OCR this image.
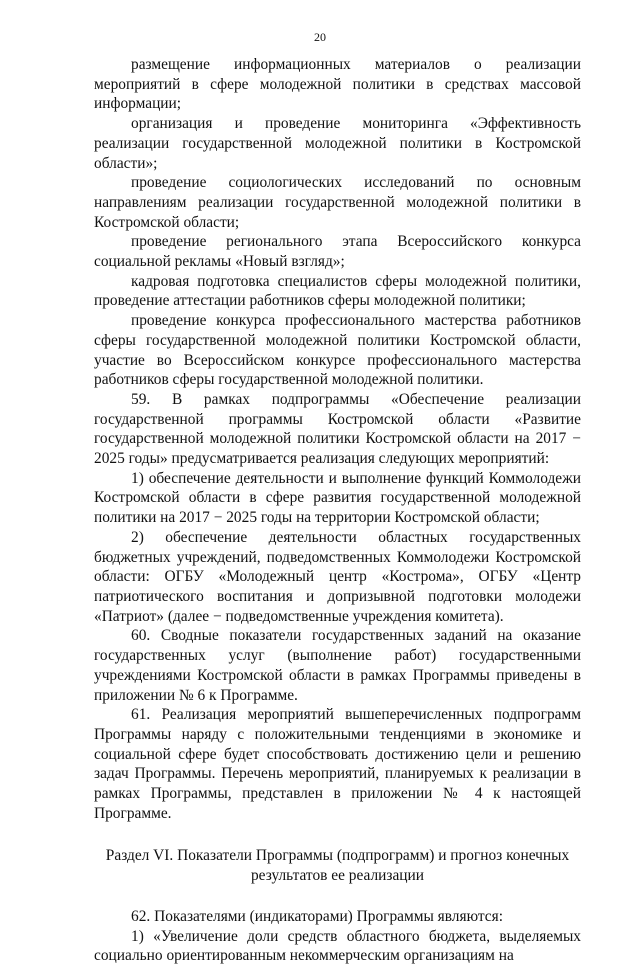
20

размещение информационных материалов о реализации мероприятий в сфере молодежной политики в средствах массовой информации;

организация и проведение мониторинга «Эффективность реализации государственной молодежной политики в Костромской области»;

проведение социологических исследований по основным направлениям реализации государственной молодежной политики в Костромской области;

проведение регионального этапа Всероссийского конкурса социальной рекламы «Новый взгляд»;

кадровая подготовка специалистов сферы молодежной политики, проведение аттестации работников сферы молодежной политики;

проведение конкурса профессионального мастерства работников сферы государственной молодежной политики Костромской области, участие во Всероссийском конкурсе профессионального мастерства работников сферы государственной молодежной политики.

59. В рамках подпрограммы «Обеспечение реализации государственной программы Костромской области «Развитие государственной молодежной политики Костромской области на 2017 − 2025 годы» предусматривается реализация следующих мероприятий:

1) обеспечение деятельности и выполнение функций Коммолодежи Костромской области в сфере развития государственной молодежной политики на 2017 − 2025 годы на территории Костромской области;

2) обеспечение деятельности областных государственных бюджетных учреждений, подведомственных Коммолодежи Костромской области: ОГБУ «Молодежный центр «Кострома», ОГБУ «Центр патриотического воспитания и допризывной подготовки молодежи «Патриот» (далее − подведомственные учреждения комитета).

60. Сводные показатели государственных заданий на оказание государственных услуг (выполнение работ) государственными учреждениями Костромской области в рамках Программы приведены в приложении № 6 к Программе.

61. Реализация мероприятий вышеперечисленных подпрограмм Программы наряду с положительными тенденциями в экономике и социальной сфере будет способствовать достижению цели и решению задач Программы. Перечень мероприятий, планируемых к реализации в рамках Программы, представлен в приложении № 4 к настоящей Программе.

Раздел VI. Показатели Программы (подпрограмм) и прогноз конечных результатов ее реализации

62. Показателями (индикаторами) Программы являются:

1) «Увеличение доли средств областного бюджета, выделяемых социально ориентированным некоммерческим организациям на
